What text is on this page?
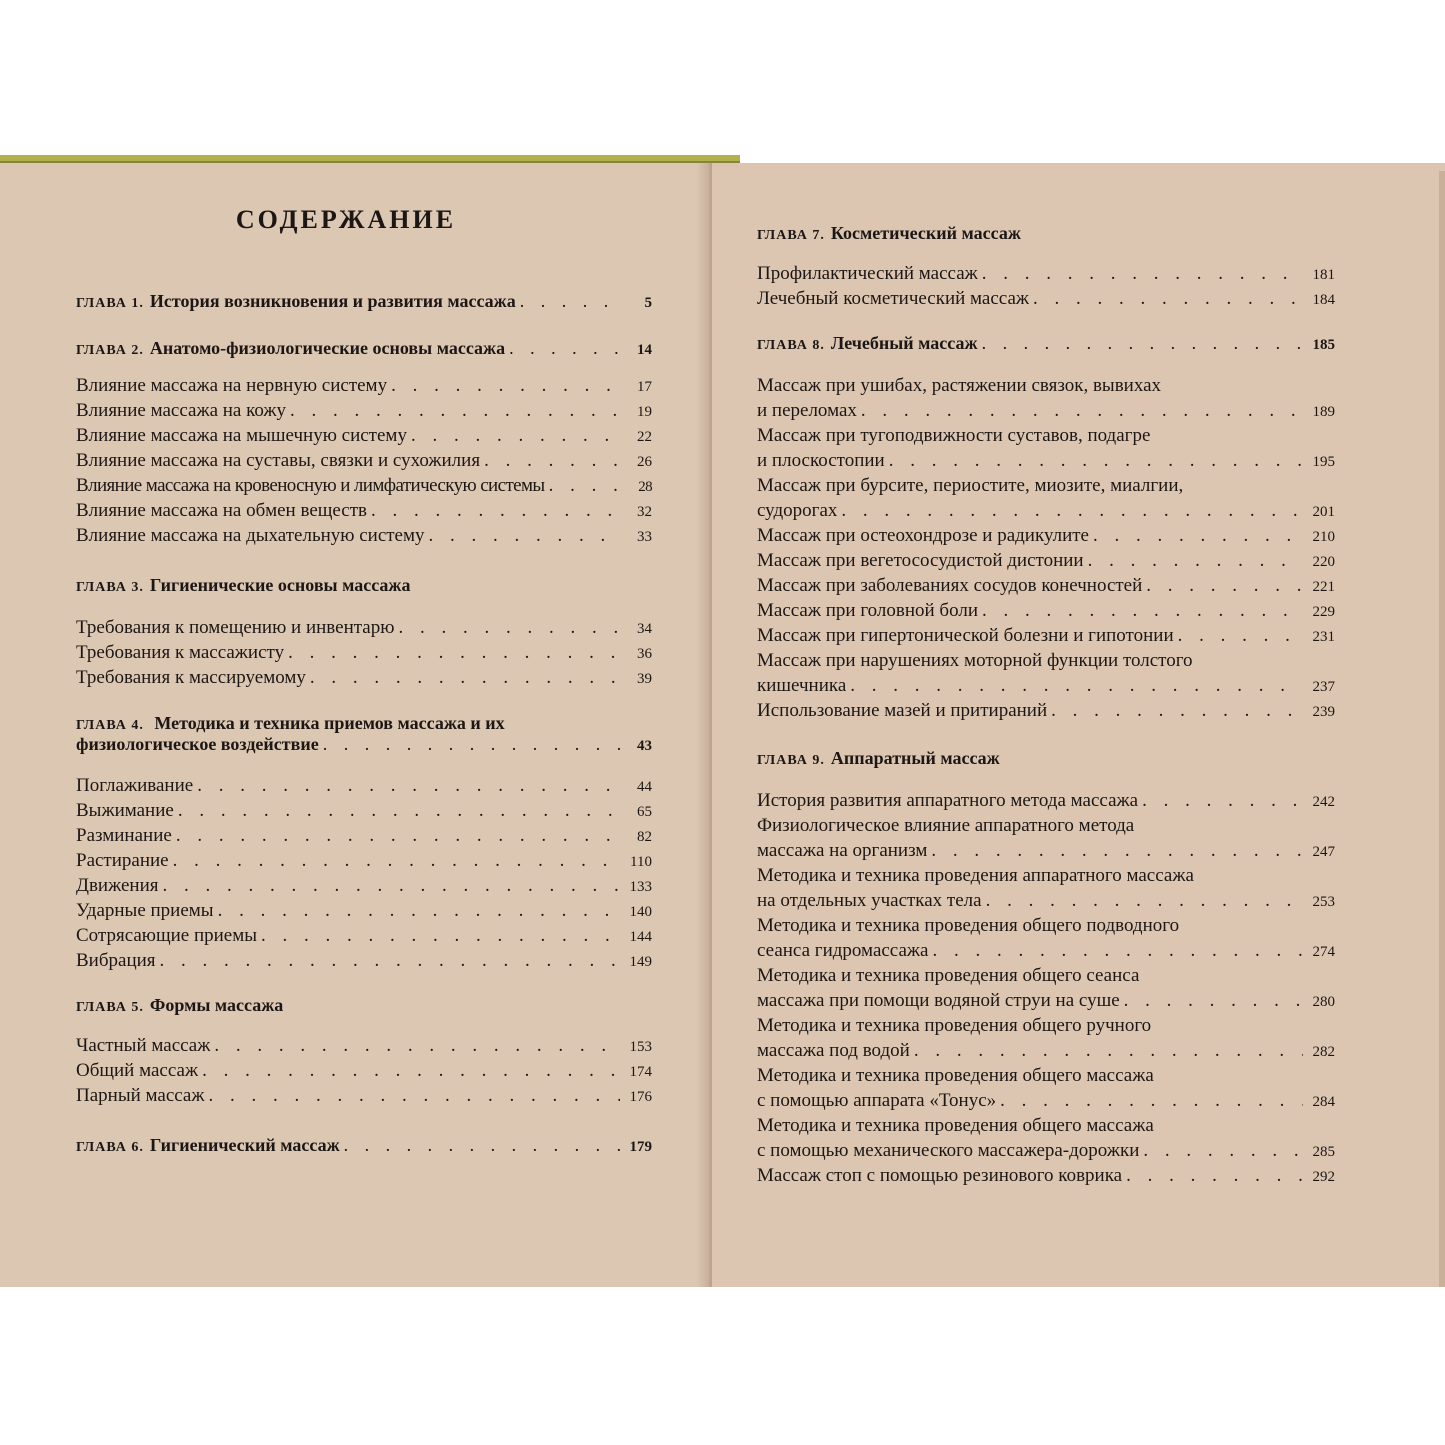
СОДЕРЖАНИЕ
ГЛАВА 1. История возникновения и развития массажа . . .	5
ГЛАВА 2. Анатомо-физиологические основы массажа . . .	14
Влияние массажа на нервную систему . . .	17
Влияние массажа на кожу . . .	19
Влияние массажа на мышечную систему . . .	22
Влияние массажа на суставы, связки и сухожилия . . .	26
Влияние массажа на кровеносную и лимфатическую системы . . .	28
Влияние массажа на обмен веществ . . .	32
Влияние массажа на дыхательную систему . . .	33
ГЛАВА 3. Гигиенические основы массажа
Требования к помещению и инвентарю . . .	34
Требования к массажисту . . .	36
Требования к массируемому . . .	39
ГЛАВА 4. Методика и техника приемов массажа и их
физиологическое воздействие . . .	43
Поглаживание . . .	44
Выжимание . . .	65
Разминание . . .	82
Растирание . . .	110
Движения . . .	133
Ударные приемы . . .	140
Сотрясающие приемы . . .	144
Вибрация . . .	149
ГЛАВА 5. Формы массажа
Частный массаж . . .	153
Общий массаж . . .	174
Парный массаж . . .	176
ГЛАВА 6. Гигиенический массаж . . .	179
ГЛАВА 7. Косметический массаж
Профилактический массаж . . .	181
Лечебный косметический массаж . . .	184
ГЛАВА 8. Лечебный массаж . . .	185
Массаж при ушибах, растяжении связок, вывихах
и переломах . . .	189
Массаж при тугоподвижности суставов, подагре
и плоскостопии . . .	195
Массаж при бурсите, периостите, миозите, миалгии,
судорогах . . .	201
Массаж при остеохондрозе и радикулите . . .	210
Массаж при вегетососудистой дистонии . . .	220
Массаж при заболеваниях сосудов конечностей . . .	221
Массаж при головной боли . . .	229
Массаж при гипертонической болезни и гипотонии . . .	231
Массаж при нарушениях моторной функции толстого
кишечника . . .	237
Использование мазей и притираний . . .	239
ГЛАВА 9. Аппаратный массаж
История развития аппаратного метода массажа . . .	242
Физиологическое влияние аппаратного метода
массажа на организм . . .	247
Методика и техника проведения аппаратного массажа
на отдельных участках тела . . .	253
Методика и техника проведения общего подводного
сеанса гидромассажа . . .	274
Методика и техника проведения общего сеанса
массажа при помощи водяной струи на суше . . .	280
Методика и техника проведения общего ручного
массажа под водой . . .	282
Методика и техника проведения общего массажа
с помощью аппарата «Тонус» . . .	284
Методика и техника проведения общего массажа
с помощью механического массажера-дорожки . . .	285
Массаж стоп с помощью резинового коврика . . .	292
